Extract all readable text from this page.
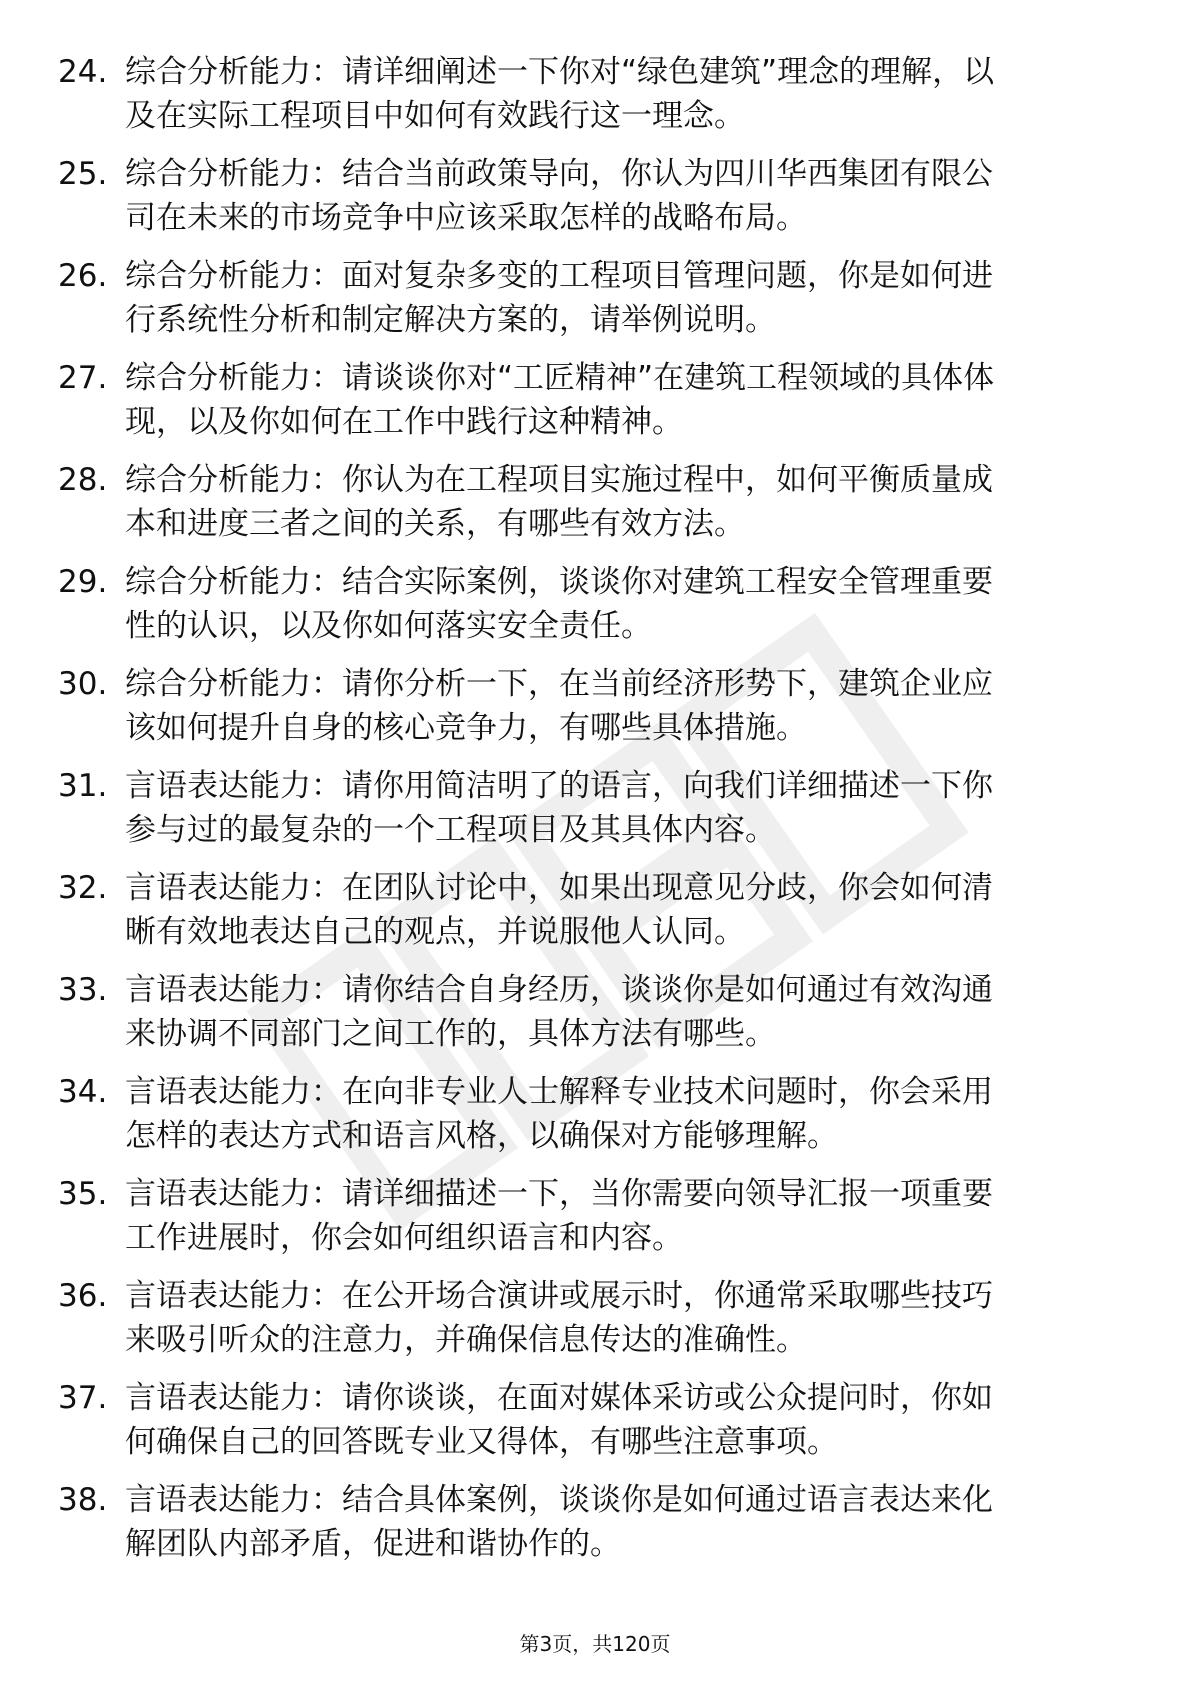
24. 综合分析能力：请详细阐述一下你对“绿色建筑”理念的理解，以
及在实际工程项目中如何有效践行这一理念。
25. 综合分析能力：结合当前政策导向，你认为四川华西集团有限公
司在未来的市场竞争中应该采取怎样的战略布局。
26. 综合分析能力：面对复杂多变的工程项目管理问题，你是如何进
行系统性分析和制定解决方案的，请举例说明。
27. 综合分析能力：请谈谈你对“工匠精神”在建筑工程领域的具体体
现，以及你如何在工作中践行这种精神。
28. 综合分析能力：你认为在工程项目实施过程中，如何平衡质量成
本和进度三者之间的关系，有哪些有效方法。
29. 综合分析能力：结合实际案例，谈谈你对建筑工程安全管理重要
性的认识，以及你如何落实安全责任。
30. 综合分析能力：请你分析一下，在当前经济形势下，建筑企业应
该如何提升自身的核心竞争力，有哪些具体措施。
31. 言语表达能力：请你用简洁明了的语言，向我们详细描述一下你
参与过的最复杂的一个工程项目及其具体内容。
32. 言语表达能力：在团队讨论中，如果出现意见分歧，你会如何清
晰有效地表达自己的观点，并说服他人认同。
33. 言语表达能力：请你结合自身经历，谈谈你是如何通过有效沟通
来协调不同部门之间工作的，具体方法有哪些。
34. 言语表达能力：在向非专业人士解释专业技术问题时，你会采用
怎样的表达方式和语言风格，以确保对方能够理解。
35. 言语表达能力：请详细描述一下，当你需要向领导汇报一项重要
工作进展时，你会如何组织语言和内容。
36. 言语表达能力：在公开场合演讲或展示时，你通常采取哪些技巧
来吸引听众的注意力，并确保信息传达的准确性。
37. 言语表达能力：请你谈谈，在面对媒体采访或公众提问时，你如
何确保自己的回答既专业又得体，有哪些注意事项。
38. 言语表达能力：结合具体案例，谈谈你是如何通过语言表达来化
解团队内部矛盾，促进和谐协作的。
第3页，共120页
